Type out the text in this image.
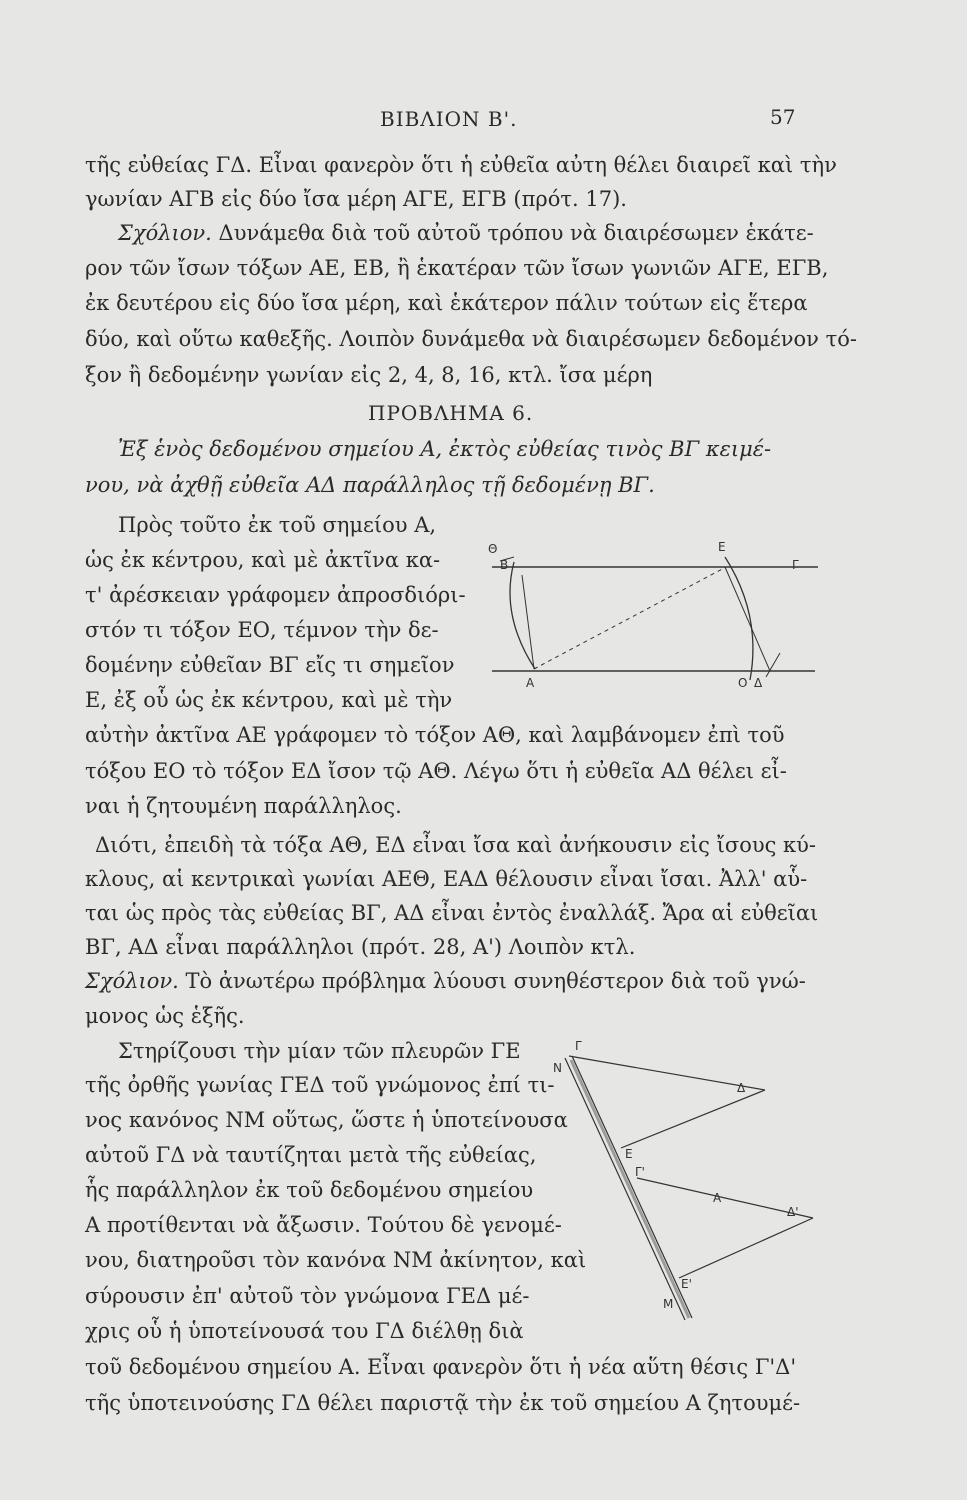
ΒΙΒΛΙΟΝ Β'.	57
τῆς εὐθείας ΓΔ. Εἶναι φανερὸν ὅτι ἡ εὐθεῖα αὐτη θέλει διαιρεῖ καὶ τὴν
γωνίαν ΑΓΒ εἰς δύο ἴσα μέρη ΑΓΕ, ΕΓΒ (πρότ. 17).
Σχόλιον. Δυνάμεθα διὰ τοῦ αὐτοῦ τρόπου νὰ διαιρέσωμεν ἑκάτε-
ρον τῶν ἴσων τόξων ΑΕ, ΕΒ, ἢ ἑκατέραν τῶν ἴσων γωνιῶν ΑΓΕ, ΕΓΒ,
ἐκ δευτέρου εἰς δύο ἴσα μέρη, καὶ ἑκάτερον πάλιν τούτων εἰς ἕτερα
δύο, καὶ οὕτω καθεξῆς. Λοιπὸν δυνάμεθα νὰ διαιρέσωμεν δεδομένον τό-
ξον ἢ δεδομένην γωνίαν εἰς 2, 4, 8, 16, κτλ. ἴσα μέρη
ΠΡΟΒΛΗΜΑ 6.
Ἐξ ἑνὸς δεδομένου σημείου Α, ἐκτὸς εὐθείας τινὸς ΒΓ κειμέ-
νου, νὰ ἀχθῇ εὐθεῖα ΑΔ παράλληλος τῇ δεδομένῃ ΒΓ.
Πρὸς τοῦτο ἐκ τοῦ σημείου Α,
ὡς ἐκ κέντρου, καὶ μὲ ἀκτῖνα κα-
τ' ἀρέσκειαν γράφομεν ἀπροσδιόρι-
στόν τι τόξον ΕΟ, τέμνον τὴν δε-
δομένην εὐθεῖαν ΒΓ εἴς τι σημεῖον
Ε, ἐξ οὗ ὡς ἐκ κέντρου, καὶ μὲ τὴν
Θ
Β
Ε
Γ
Α	Ο Δ
αὐτὴν ἀκτῖνα ΑΕ γράφομεν τὸ τόξον ΑΘ, καὶ λαμβάνομεν ἐπὶ τοῦ
τόξου ΕΟ τὸ τόξον ΕΔ ἴσον τῷ ΑΘ. Λέγω ὅτι ἡ εὐθεῖα ΑΔ θέλει εἶ-
ναι ἡ ζητουμένη παράλληλος.
Διότι, ἐπειδὴ τὰ τόξα ΑΘ, ΕΔ εἶναι ἴσα καὶ ἀνήκουσιν εἰς ἴσους κύ-
κλους, αἱ κεντρικαὶ γωνίαι ΑΕΘ, ΕΑΔ θέλουσιν εἶναι ἴσαι. Ἀλλ' αὗ-
ται ὡς πρὸς τὰς εὐθείας ΒΓ, ΑΔ εἶναι ἐντὸς ἐναλλάξ. Ἄρα αἱ εὐθεῖαι
ΒΓ, ΑΔ εἶναι παράλληλοι (πρότ. 28, Α') Λοιπὸν κτλ.
Σχόλιον. Τὸ ἀνωτέρω πρόβλημα λύουσι συνηθέστερον διὰ τοῦ γνώ-
μονος ὡς ἑξῆς.
Στηρίζουσι τὴν μίαν τῶν πλευρῶν ΓΕ
τῆς ὀρθῆς γωνίας ΓΕΔ τοῦ γνώμονος ἐπί τι-
νος κανόνος ΝΜ οὕτως, ὥστε ἡ ὑποτείνουσα
αὐτοῦ ΓΔ νὰ ταυτίζηται μετὰ τῆς εὐθείας,
ἧς παράλληλον ἐκ τοῦ δεδομένου σημείου
Α προτίθενται νὰ ἄξωσιν. Τούτου δὲ γενομέ-
νου, διατηροῦσι τὸν κανόνα ΝΜ ἀκίνητον, καὶ
σύρουσιν ἐπ' αὐτοῦ τὸν γνώμονα ΓΕΔ μέ-
χρις οὗ ἡ ὑποτείνουσά του ΓΔ διέλθῃ διὰ
Ν
Γ
Δ
Ε
Γ'
Α
Δ'
Ε'
Μ
τοῦ δεδομένου σημείου Α. Εἶναι φανερὸν ὅτι ἡ νέα αὕτη θέσις Γ'Δ'
τῆς ὑποτεινούσης ΓΔ θέλει παριστᾷ τὴν ἐκ τοῦ σημείου Α ζητουμέ-
